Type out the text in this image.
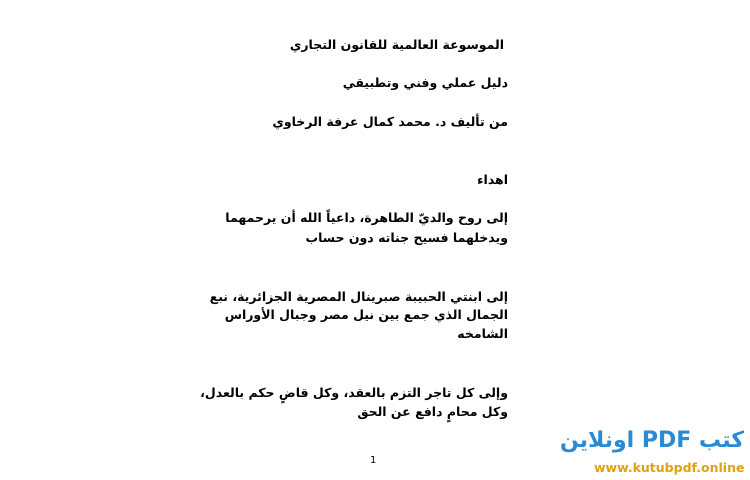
الموسوعة العالمية للقانون التجاري
دليل عملي وفني وتطبيقي
من تأليف د. محمد كمال عرفة الرخاوي
اهداء
إلى روح والديّ الطاهرة، داعياً الله أن يرحمهما
ويدخلهما فسيح جناته دون حساب
إلى ابنتي الحبيبة صبرينال المصرية الجزائرية، نبع
الجمال الذي جمع بين نيل مصر وجبال الأوراس
الشامخه
وإلى كل تاجر التزم بالعقد، وكل قاضٍ حكم بالعدل،
وكل محامٍ دافع عن الحق
1
كتب PDF اونلاين
www.kutubpdf.online
